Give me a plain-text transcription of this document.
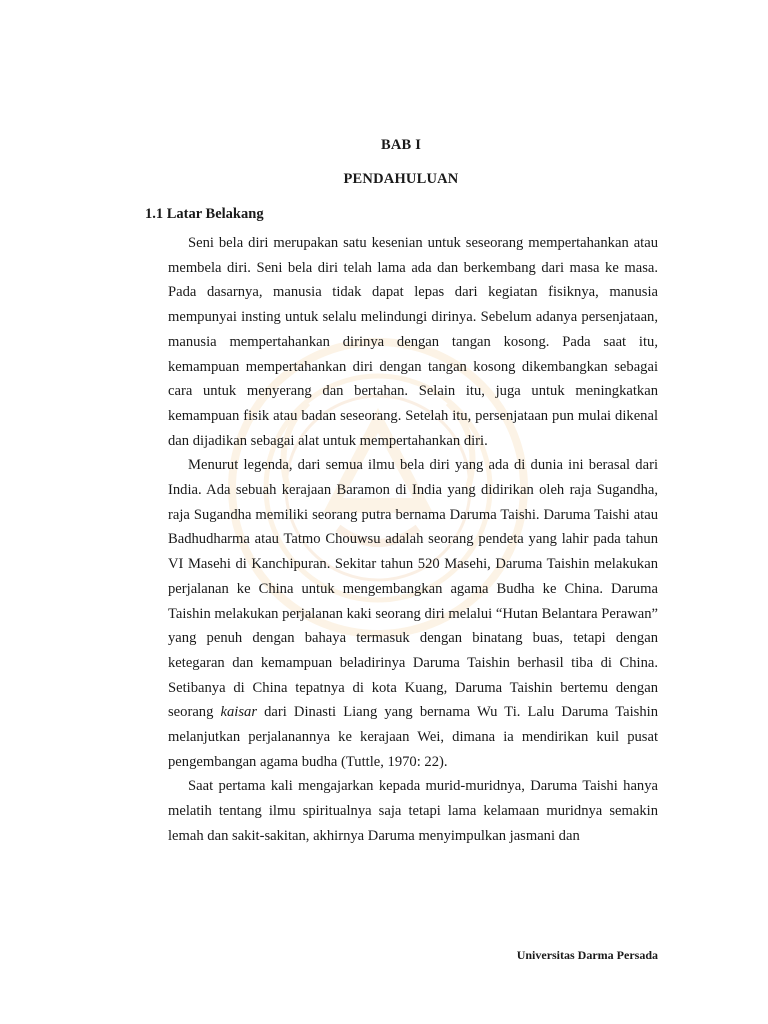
BAB I
PENDAHULUAN
1.1 Latar Belakang

Seni bela diri merupakan satu kesenian untuk seseorang mempertahankan atau membela diri. Seni bela diri telah lama ada dan berkembang dari masa ke masa. Pada dasarnya, manusia tidak dapat lepas dari kegiatan fisiknya, manusia mempunyai insting untuk selalu melindungi dirinya. Sebelum adanya persenjataan, manusia mempertahankan dirinya dengan tangan kosong. Pada saat itu, kemampuan mempertahankan diri dengan tangan kosong dikembangkan sebagai cara untuk menyerang dan bertahan. Selain itu, juga untuk meningkatkan kemampuan fisik atau badan seseorang. Setelah itu, persenjataan pun mulai dikenal dan dijadikan sebagai alat untuk mempertahankan diri.

Menurut legenda, dari semua ilmu bela diri yang ada di dunia ini berasal dari India. Ada sebuah kerajaan Baramon di India yang didirikan oleh raja Sugandha, raja Sugandha memiliki seorang putra bernama Daruma Taishi. Daruma Taishi atau Badhudharma atau Tatmo Chouwsu adalah seorang pendeta yang lahir pada tahun VI Masehi di Kanchipuran. Sekitar tahun 520 Masehi, Daruma Taishin melakukan perjalanan ke China untuk mengembangkan agama Budha ke China. Daruma Taishin melakukan perjalanan kaki seorang diri melalui “Hutan Belantara Perawan” yang penuh dengan bahaya termasuk dengan binatang buas, tetapi dengan ketegaran dan kemampuan beladirinya Daruma Taishin berhasil tiba di China. Setibanya di China tepatnya di kota Kuang, Daruma Taishin bertemu dengan seorang kaisar dari Dinasti Liang yang bernama Wu Ti. Lalu Daruma Taishin melanjutkan perjalanannya ke kerajaan Wei, dimana ia mendirikan kuil pusat pengembangan agama budha (Tuttle, 1970: 22).

Saat pertama kali mengajarkan kepada murid-muridnya, Daruma Taishi hanya melatih tentang ilmu spiritualnya saja tetapi lama kelamaan muridnya semakin lemah dan sakit-sakitan, akhirnya Daruma menyimpulkan jasmani dan

Universitas Darma Persada
